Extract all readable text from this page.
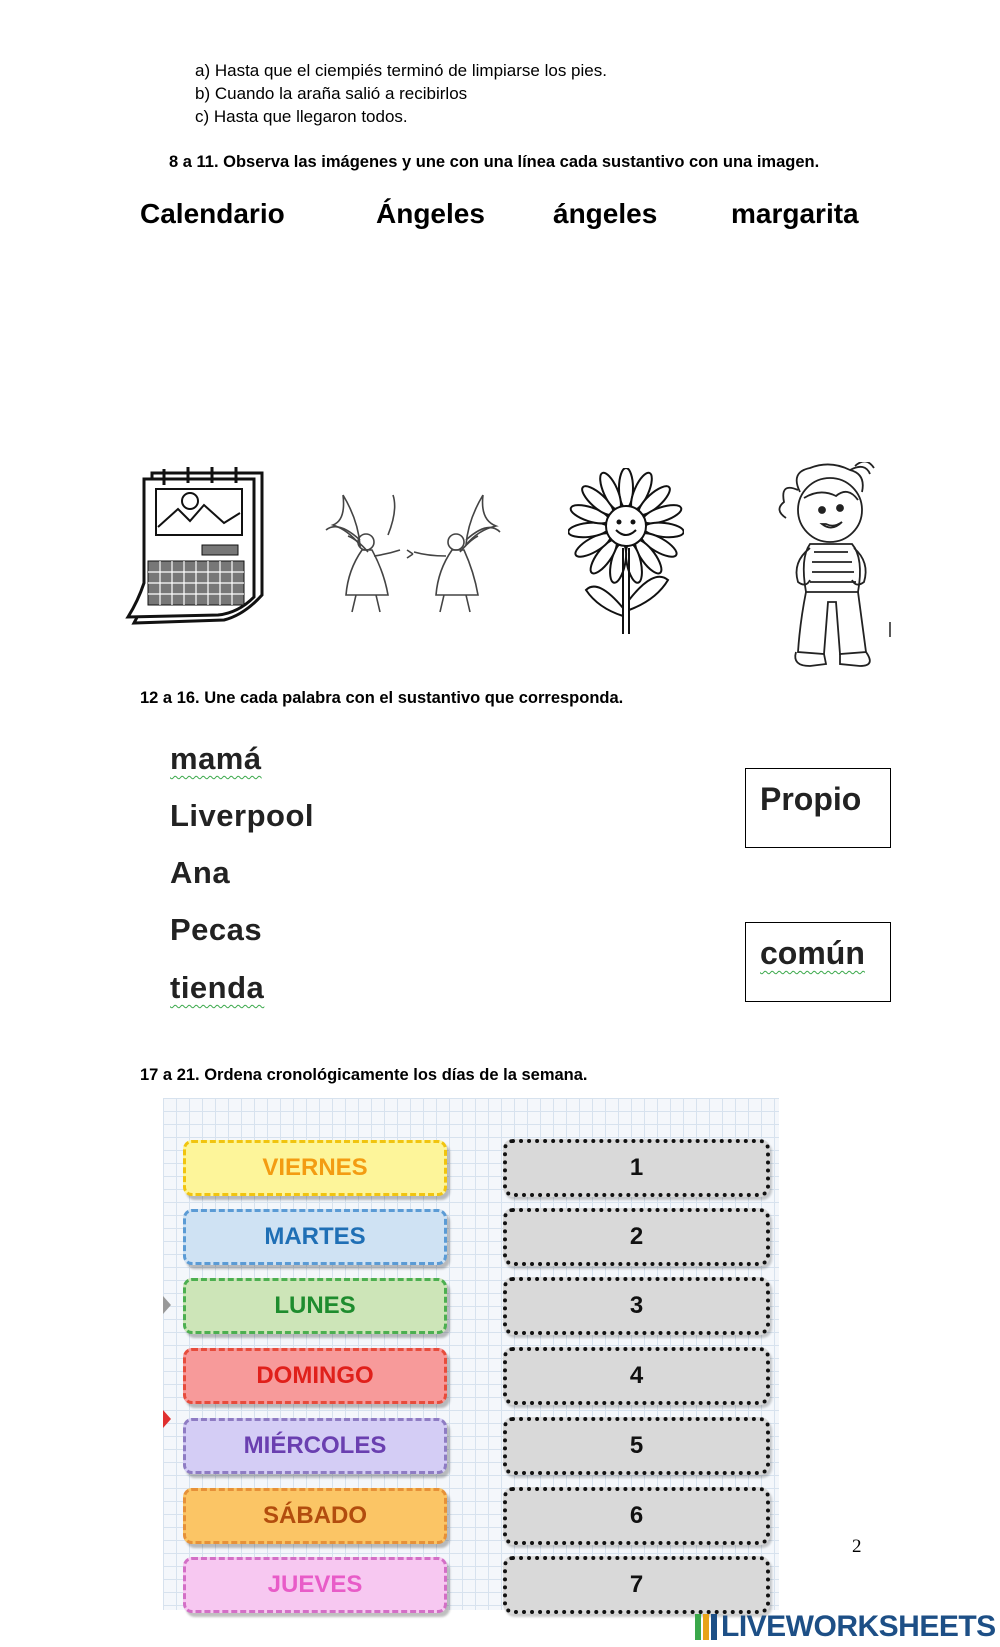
a) Hasta que el ciempiés terminó de limpiarse los pies.
b) Cuando la araña salió a recibirlos
c) Hasta que llegaron todos.
8 a 11. Observa las imágenes y une con una línea cada sustantivo con una imagen.
Calendario	Ángeles ángeles	margarita
12 a 16. Une cada palabra con el sustantivo que corresponda.
mamá
Liverpool
Ana
Pecas
tienda
Propio
común
17 a 21. Ordena cronológicamente los días de la semana.
VIERNES
MARTES
LUNES
DOMINGO
MIÉRCOLES
SÁBADO
JUEVES
1
2
3
4
5
6
7
2
LIVEWORKSHEETS
